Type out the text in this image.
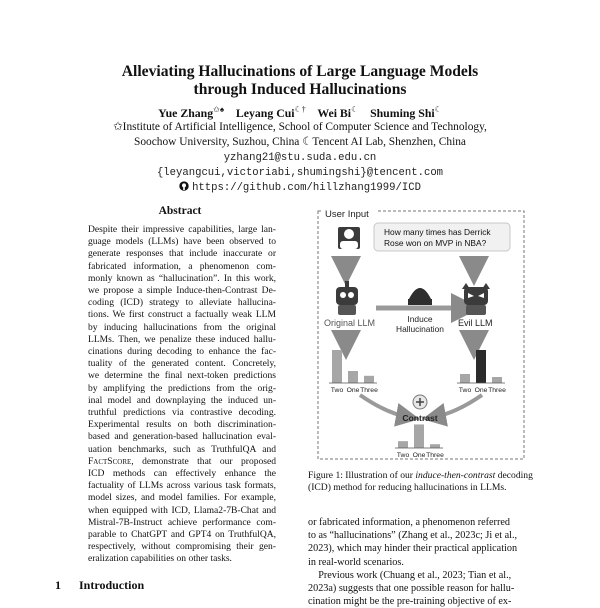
Alleviating Hallucinations of Large Language Models
through Induced Hallucinations
Yue Zhang✩♠ Leyang Cui☾† Wei Bi☾ Shuming Shi☾
✩Institute of Artificial Intelligence, School of Computer Science and Technology,
Soochow University, Suzhou, China ☾Tencent AI Lab, Shenzhen, China
yzhang21@stu.suda.edu.cn
{leyangcui,victoriabi,shumingshi}@tencent.com
https://github.com/hillzhang1999/ICD
Abstract
Despite their impressive capabilities, large lan-
guage models (LLMs) have been observed to
generate responses that include inaccurate or
fabricated information, a phenomenon com-
monly known as “hallucination”. In this work,
we propose a simple Induce-then-Contrast De-
coding (ICD) strategy to alleviate hallucina-
tions. We first construct a factually weak LLM
by inducing hallucinations from the original
LLMs. Then, we penalize these induced hallu-
cinations during decoding to enhance the fac-
tuality of the generated content. Concretely,
we determine the final next-token predictions
by amplifying the predictions from the orig-
inal model and downplaying the induced un-
truthful predictions via contrastive decoding.
Experimental results on both discrimination-
based and generation-based hallucination eval-
uation benchmarks, such as TruthfulQA and
FactScore, demonstrate that our proposed
ICD methods can effectively enhance the
factuality of LLMs across various task formats,
model sizes, and model families. For example,
when equipped with ICD, Llama2-7B-Chat and
Mistral-7B-Instruct achieve performance com-
parable to ChatGPT and GPT4 on TruthfulQA,
respectively, without compromising their gen-
eralization capabilities on other tasks.
1 Introduction
User Input
How many times has Derrick
Rose won on MVP in NBA?
Original LLM	Induce
Hallucination
Evil LLM
Two One Three	Two One Three
Two One Three
Contrast
Figure 1: Illustration of our induce-then-contrast decoding (ICD) method for reducing hallucinations in LLMs.
or fabricated information, a phenomenon referred
to as “hallucinations” (Zhang et al., 2023c; Ji et al.,
2023), which may hinder their practical application
in real-world scenarios.
Previous work (Chuang et al., 2023; Tian et al.,
2023a) suggests that one possible reason for hallu-
cination might be the pre-training objective of ex-
